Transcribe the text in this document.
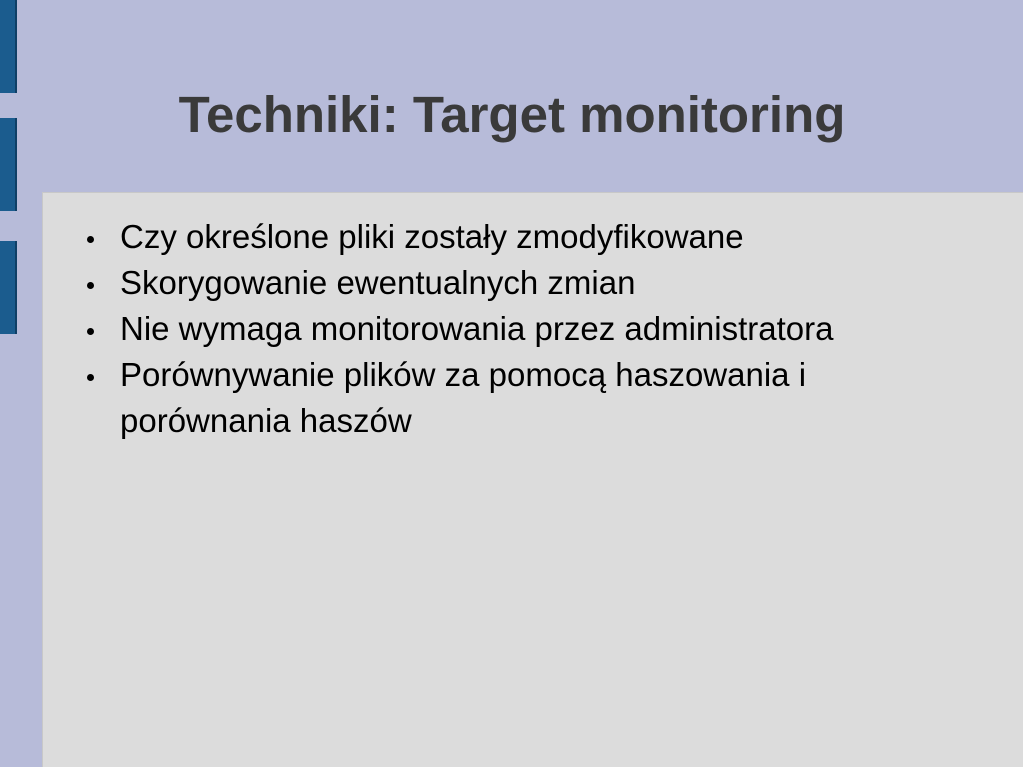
Techniki: Target monitoring
Czy określone pliki zostały zmodyfikowane
Skorygowanie ewentualnych zmian
Nie wymaga monitorowania przez administratora
Porównywanie plików za pomocą haszowania i porównania haszów
